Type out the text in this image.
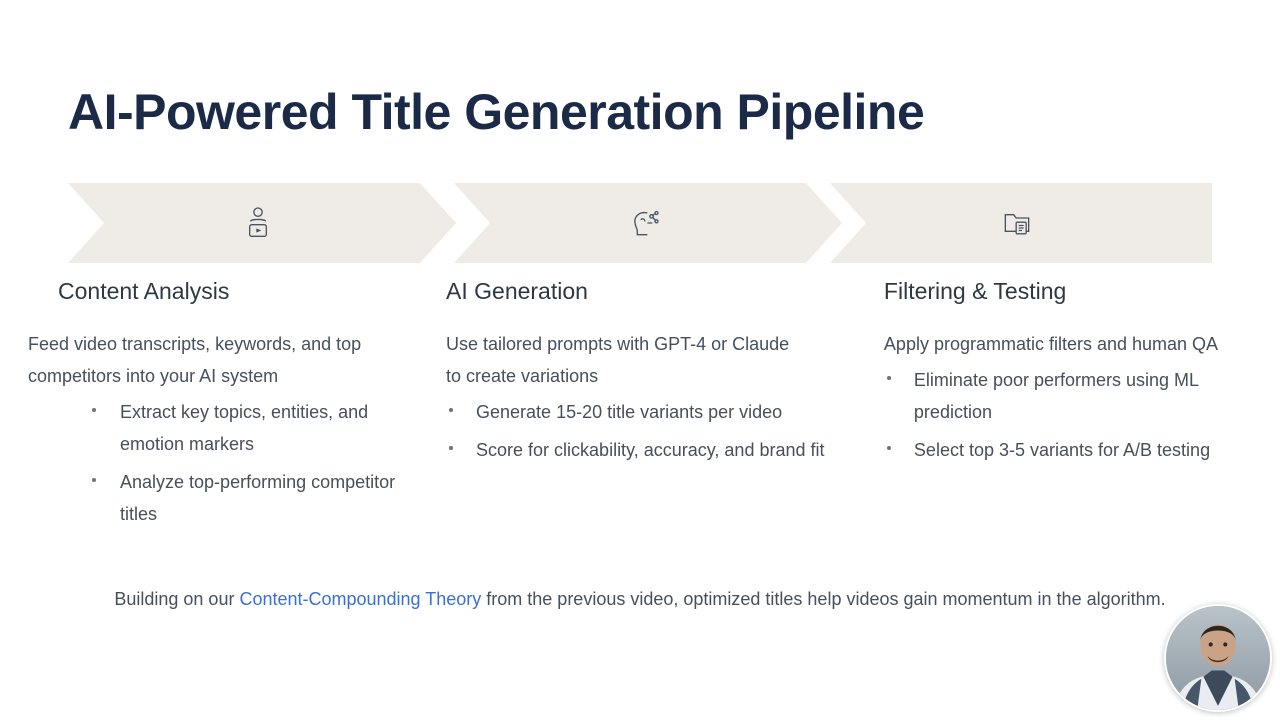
AI-Powered Title Generation Pipeline
Content Analysis

Feed video transcripts, keywords, and top competitors into your AI system

Extract key topics, entities, and emotion markers
Analyze top-performing competitor titles
AI Generation

Use tailored prompts with GPT-4 or Claude to create variations

Generate 15-20 title variants per video
Score for clickability, accuracy, and brand fit
Filtering & Testing

Apply programmatic filters and human QA

Eliminate poor performers using ML prediction
Select top 3-5 variants for A/B testing
Building on our Content-Compounding Theory from the previous video, optimized titles help videos gain momentum in the algorithm.
